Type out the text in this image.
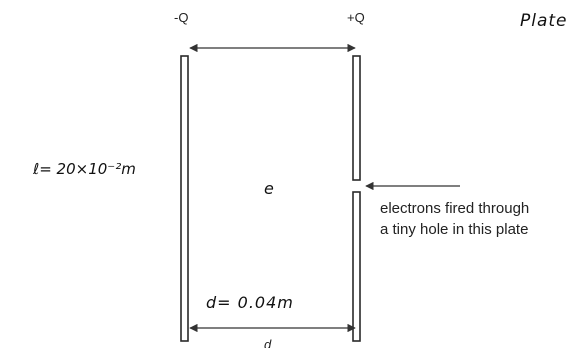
Plate
-Q	+Q
electrons fired through
a tiny hole in this plate
ℓ= 20×10⁻²m
e
d= 0.04m
d
